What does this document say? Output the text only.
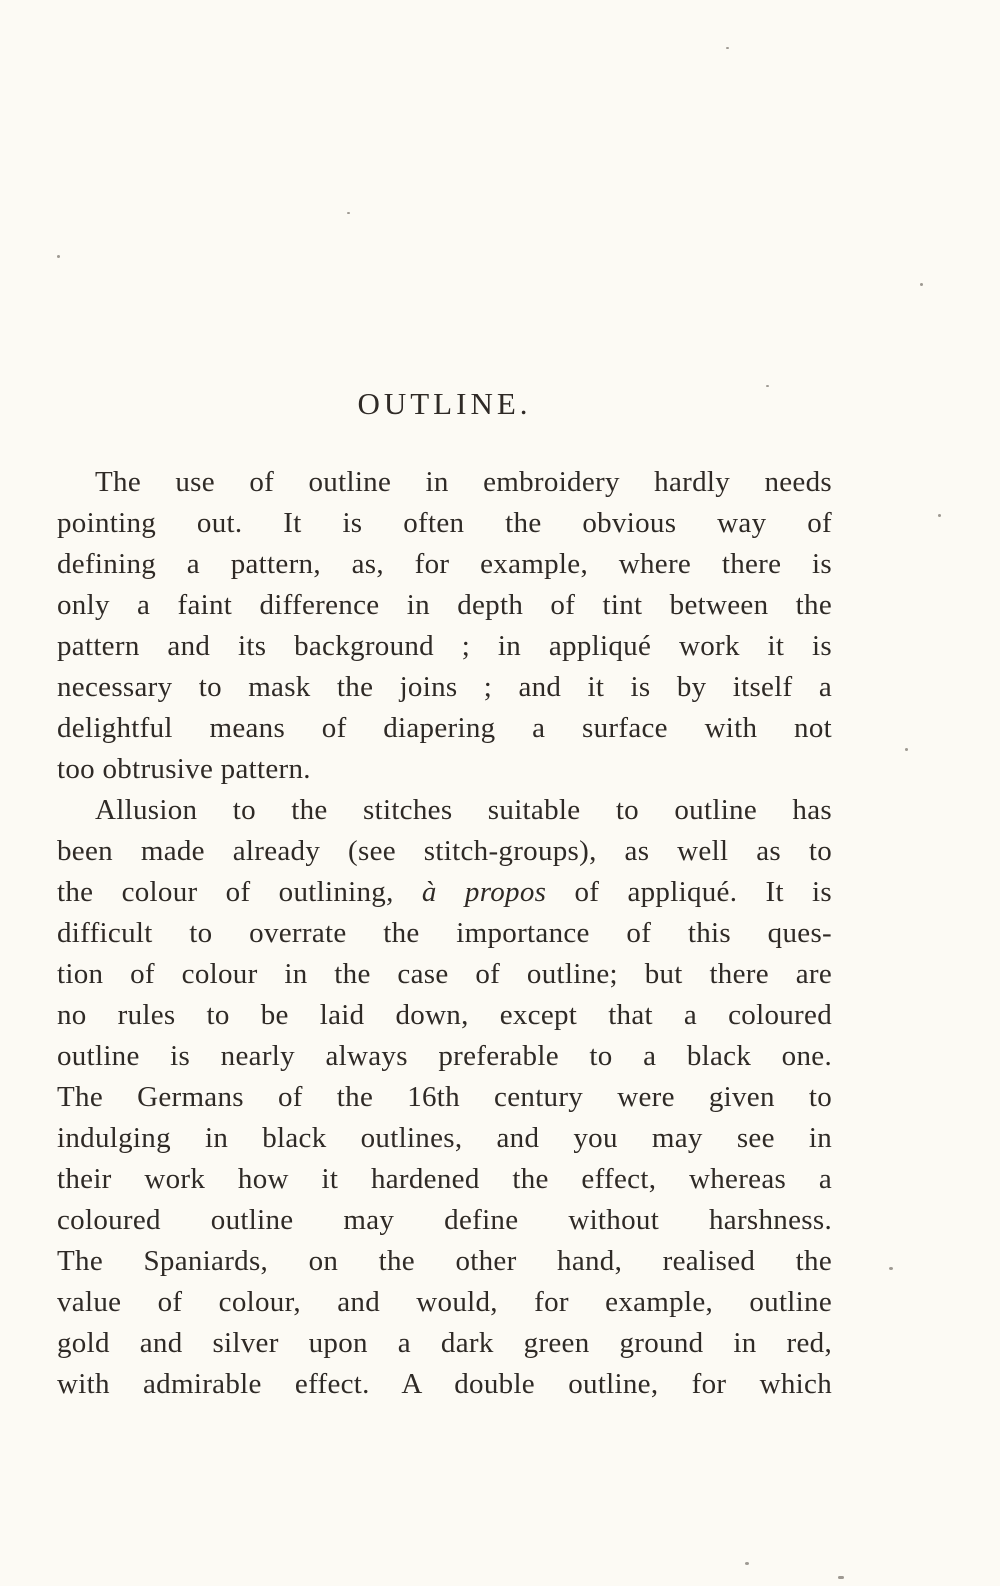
OUTLINE.
The use of outline in embroidery hardly needs
pointing out. It is often the obvious way of
defining a pattern, as, for example, where there is
only a faint difference in depth of tint between the
pattern and its background ; in appliqué work it is
necessary to mask the joins ; and it is by itself a
delightful means of diapering a surface with not
too obtrusive pattern.
Allusion to the stitches suitable to outline has
been made already (see stitch-groups), as well as to
the colour of outlining, à propos of appliqué. It is
difficult to overrate the importance of this ques-
tion of colour in the case of outline; but there are
no rules to be laid down, except that a coloured
outline is nearly always preferable to a black one.
The Germans of the 16th century were given to
indulging in black outlines, and you may see in
their work how it hardened the effect, whereas a
coloured outline may define without harshness.
The Spaniards, on the other hand, realised the
value of colour, and would, for example, outline
gold and silver upon a dark green ground in red,
with admirable effect. A double outline, for which
